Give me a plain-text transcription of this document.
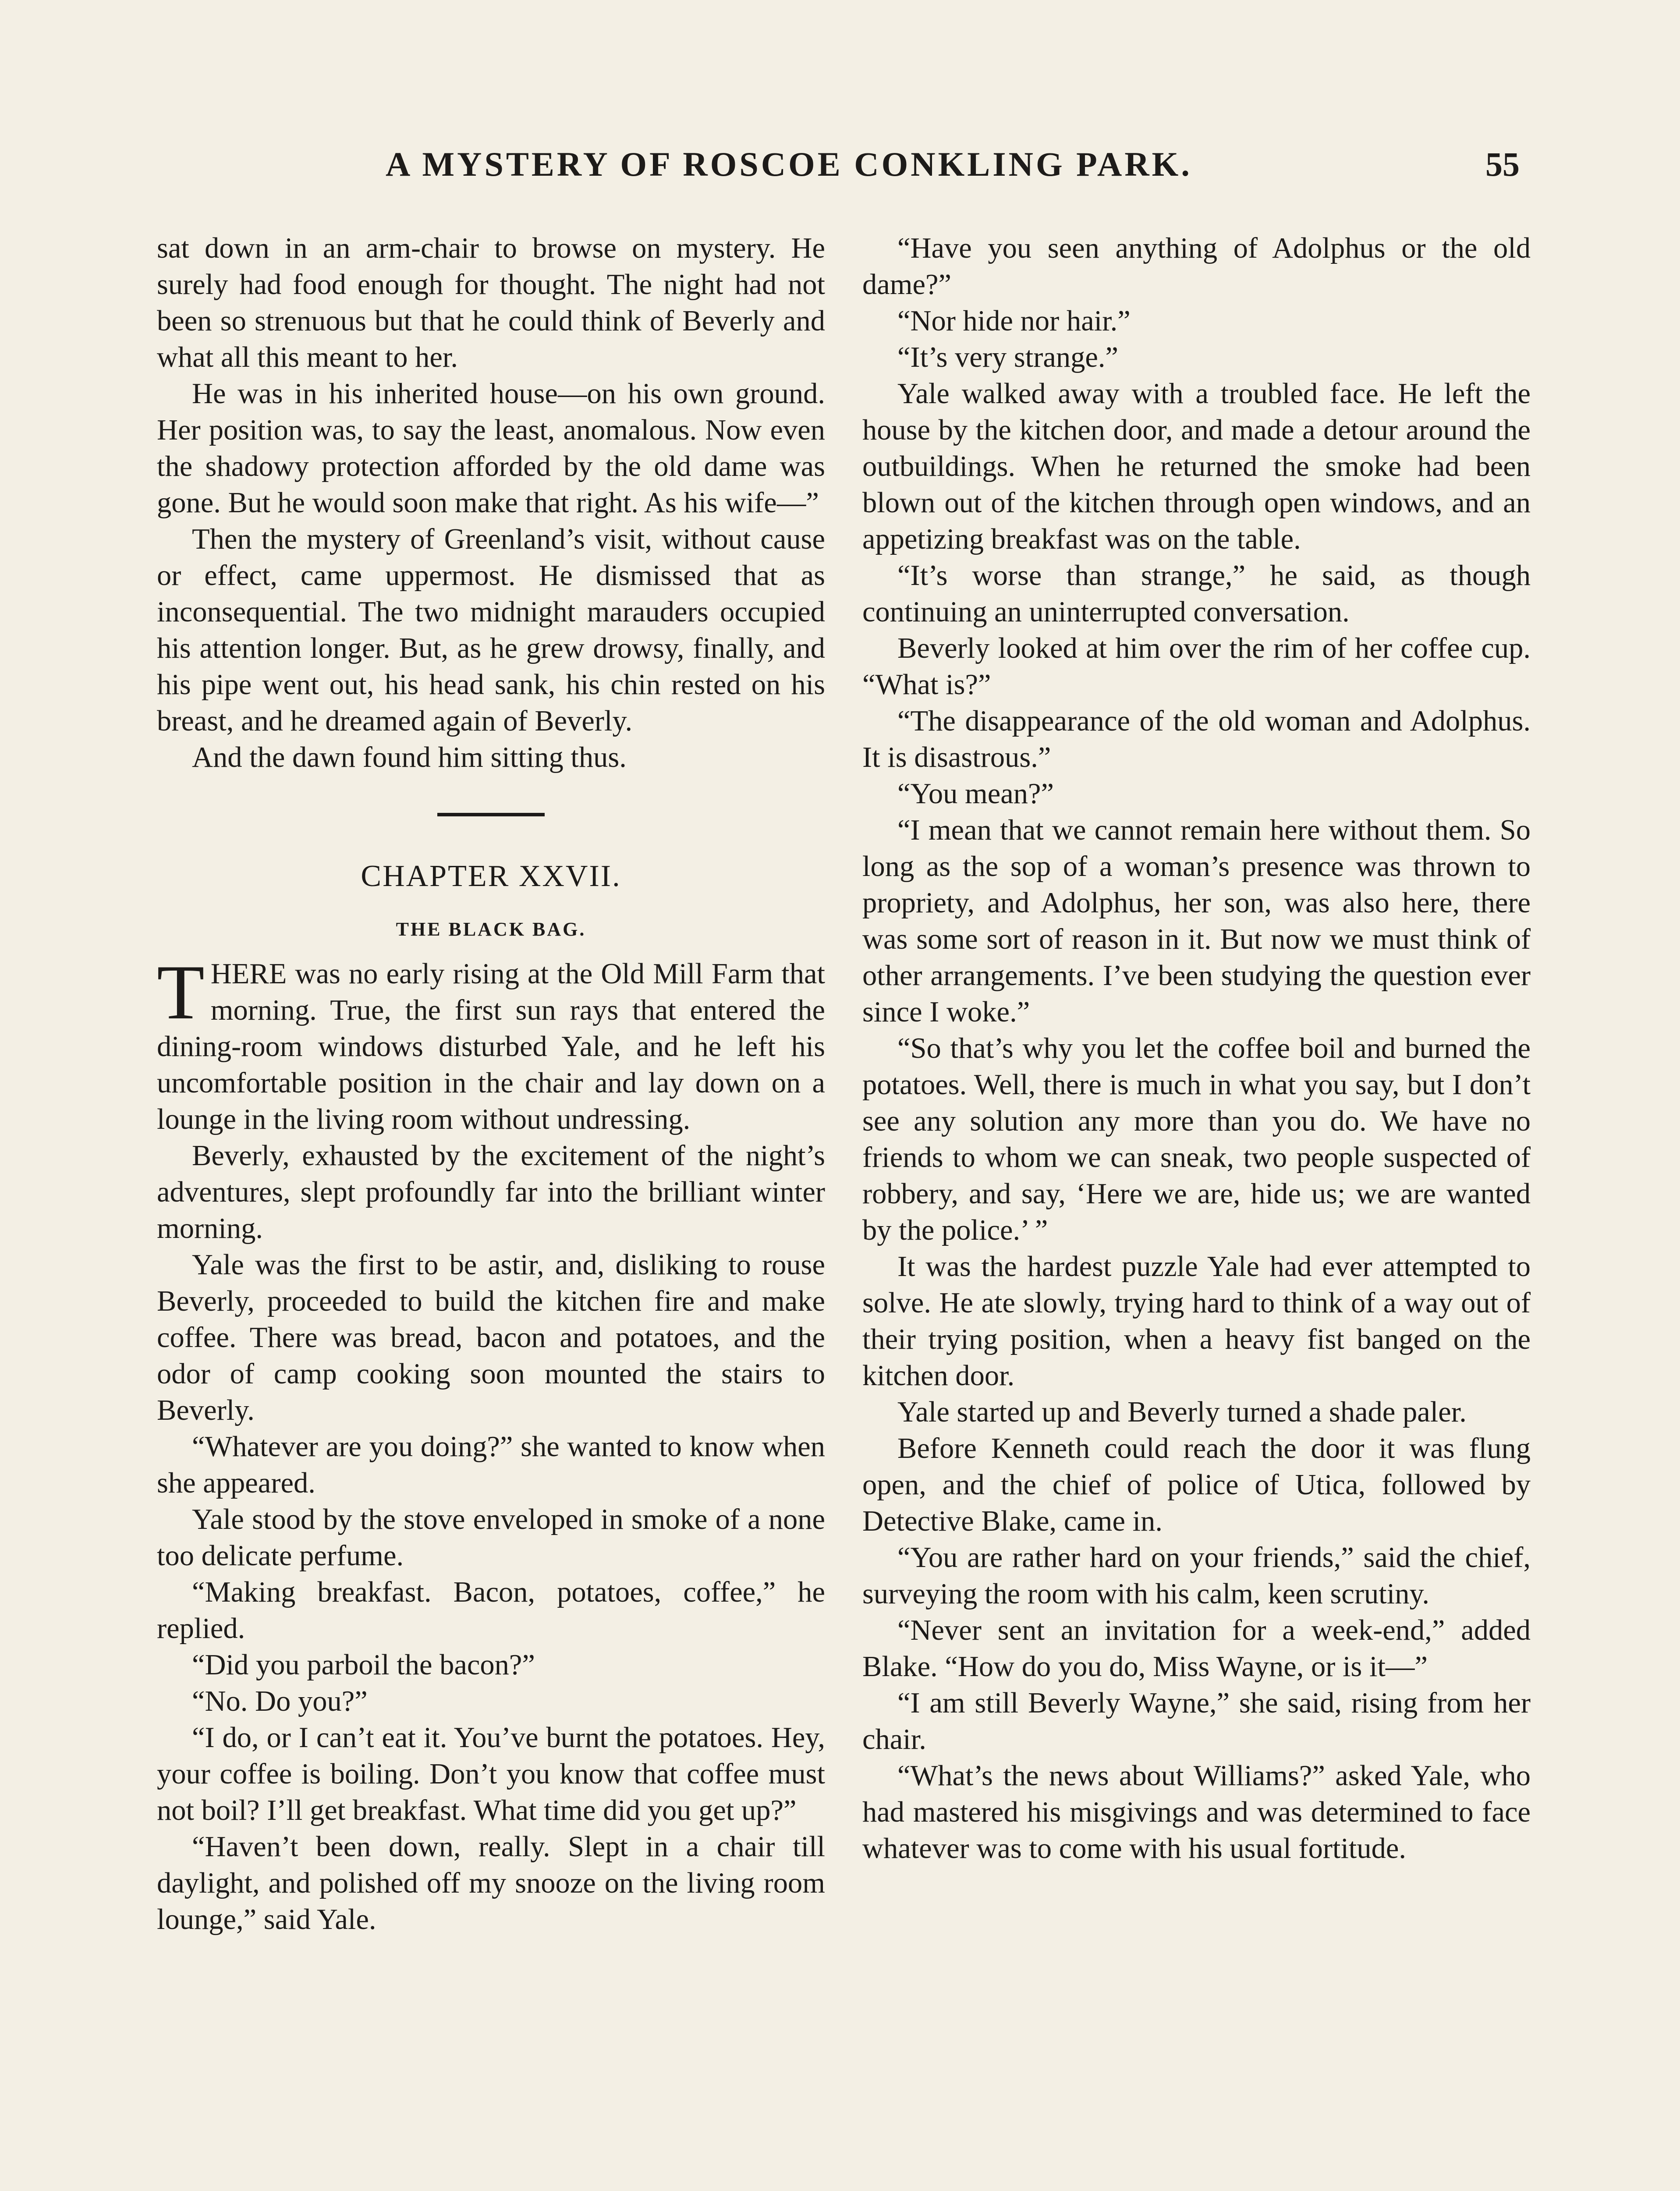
A MYSTERY OF ROSCOE CONKLING PARK.	55

sat down in an arm-chair to browse on mystery. He surely had food enough for thought. The night had not been so strenuous but that he could think of Beverly and what all this meant to her.

He was in his inherited house—on his own ground. Her position was, to say the least, anomalous. Now even the shadowy protection afforded by the old dame was gone. But he would soon make that right. As his wife—”

Then the mystery of Greenland’s visit, without cause or effect, came uppermost. He dismissed that as inconsequential. The two midnight marauders occupied his attention longer. But, as he grew drowsy, finally, and his pipe went out, his head sank, his chin rested on his breast, and he dreamed again of Beverly.

And the dawn found him sitting thus.

CHAPTER XXVII.
THE BLACK BAG.

THERE was no early rising at the Old Mill Farm that morning. True, the first sun rays that entered the dining-room windows disturbed Yale, and he left his uncomfortable position in the chair and lay down on a lounge in the living room without undressing.

Beverly, exhausted by the excitement of the night’s adventures, slept profoundly far into the brilliant winter morning.

Yale was the first to be astir, and, disliking to rouse Beverly, proceeded to build the kitchen fire and make coffee. There was bread, bacon and potatoes, and the odor of camp cooking soon mounted the stairs to Beverly.

“Whatever are you doing?” she wanted to know when she appeared.

Yale stood by the stove enveloped in smoke of a none too delicate perfume.

“Making breakfast. Bacon, potatoes, coffee,” he replied.

“Did you parboil the bacon?”

“No. Do you?”

“I do, or I can’t eat it. You’ve burnt the potatoes. Hey, your coffee is boiling. Don’t you know that coffee must not boil? I’ll get breakfast. What time did you get up?”

“Haven’t been down, really. Slept in a chair till daylight, and polished off my snooze on the living room lounge,” said Yale.

“Have you seen anything of Adolphus or the old dame?”

“Nor hide nor hair.”

“It’s very strange.”

Yale walked away with a troubled face. He left the house by the kitchen door, and made a detour around the outbuildings. When he returned the smoke had been blown out of the kitchen through open windows, and an appetizing breakfast was on the table.

“It’s worse than strange,” he said, as though continuing an uninterrupted conversation.

Beverly looked at him over the rim of her coffee cup. “What is?”

“The disappearance of the old woman and Adolphus. It is disastrous.”

“You mean?”

“I mean that we cannot remain here without them. So long as the sop of a woman’s presence was thrown to propriety, and Adolphus, her son, was also here, there was some sort of reason in it. But now we must think of other arrangements. I’ve been studying the question ever since I woke.”

“So that’s why you let the coffee boil and burned the potatoes. Well, there is much in what you say, but I don’t see any solution any more than you do. We have no friends to whom we can sneak, two people suspected of robbery, and say, ‘Here we are, hide us; we are wanted by the police.’ ”

It was the hardest puzzle Yale had ever attempted to solve. He ate slowly, trying hard to think of a way out of their trying position, when a heavy fist banged on the kitchen door.

Yale started up and Beverly turned a shade paler.

Before Kenneth could reach the door it was flung open, and the chief of police of Utica, followed by Detective Blake, came in.

“You are rather hard on your friends,” said the chief, surveying the room with his calm, keen scrutiny.

“Never sent an invitation for a week-end,” added Blake. “How do you do, Miss Wayne, or is it—”

“I am still Beverly Wayne,” she said, rising from her chair.

“What’s the news about Williams?” asked Yale, who had mastered his misgivings and was determined to face whatever was to come with his usual fortitude.
